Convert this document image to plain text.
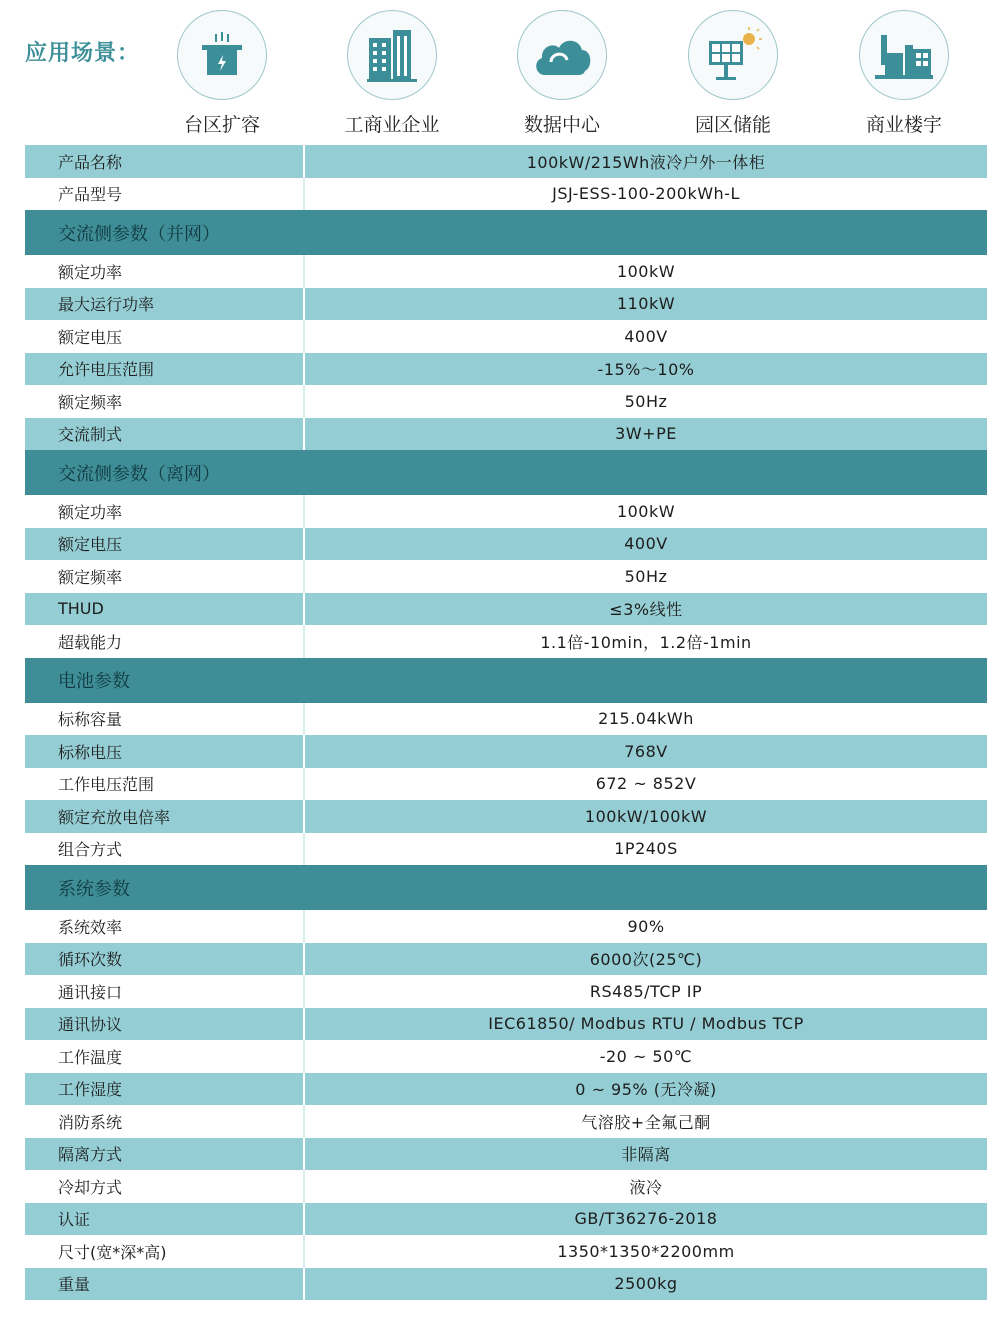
应用场景：
台区扩容	工商业企业	数据中心	园区储能	商业楼宇
产品名称	100kW/215Wh液冷户外一体柜
产品型号	JSJ-ESS-100-200kWh-L
交流侧参数（并网）
额定功率	100kW
最大运行功率	110kW
额定电压	400V
允许电压范围	-15%～10%
额定频率	50Hz
交流制式	3W+PE
交流侧参数（离网）
额定功率	100kW
额定电压	400V
额定频率	50Hz
THUD	≤3%线性
超载能力	1.1倍-10min，1.2倍-1min
电池参数
标称容量	215.04kWh
标称电压	768V
工作电压范围	672 ~ 852V
额定充放电倍率	100kW/100kW
组合方式	1P240S
系统参数
系统效率	90%
循环次数	6000次(25℃)
通讯接口	RS485/TCP IP
通讯协议	IEC61850/ Modbus RTU / Modbus TCP
工作温度	-20 ~ 50℃
工作湿度	0 ~ 95% (无冷凝)
消防系统	气溶胶+全氟己酮
隔离方式	非隔离
冷却方式	液冷
认证	GB/T36276-2018
尺寸(宽*深*高)	1350*1350*2200mm
重量	2500kg
